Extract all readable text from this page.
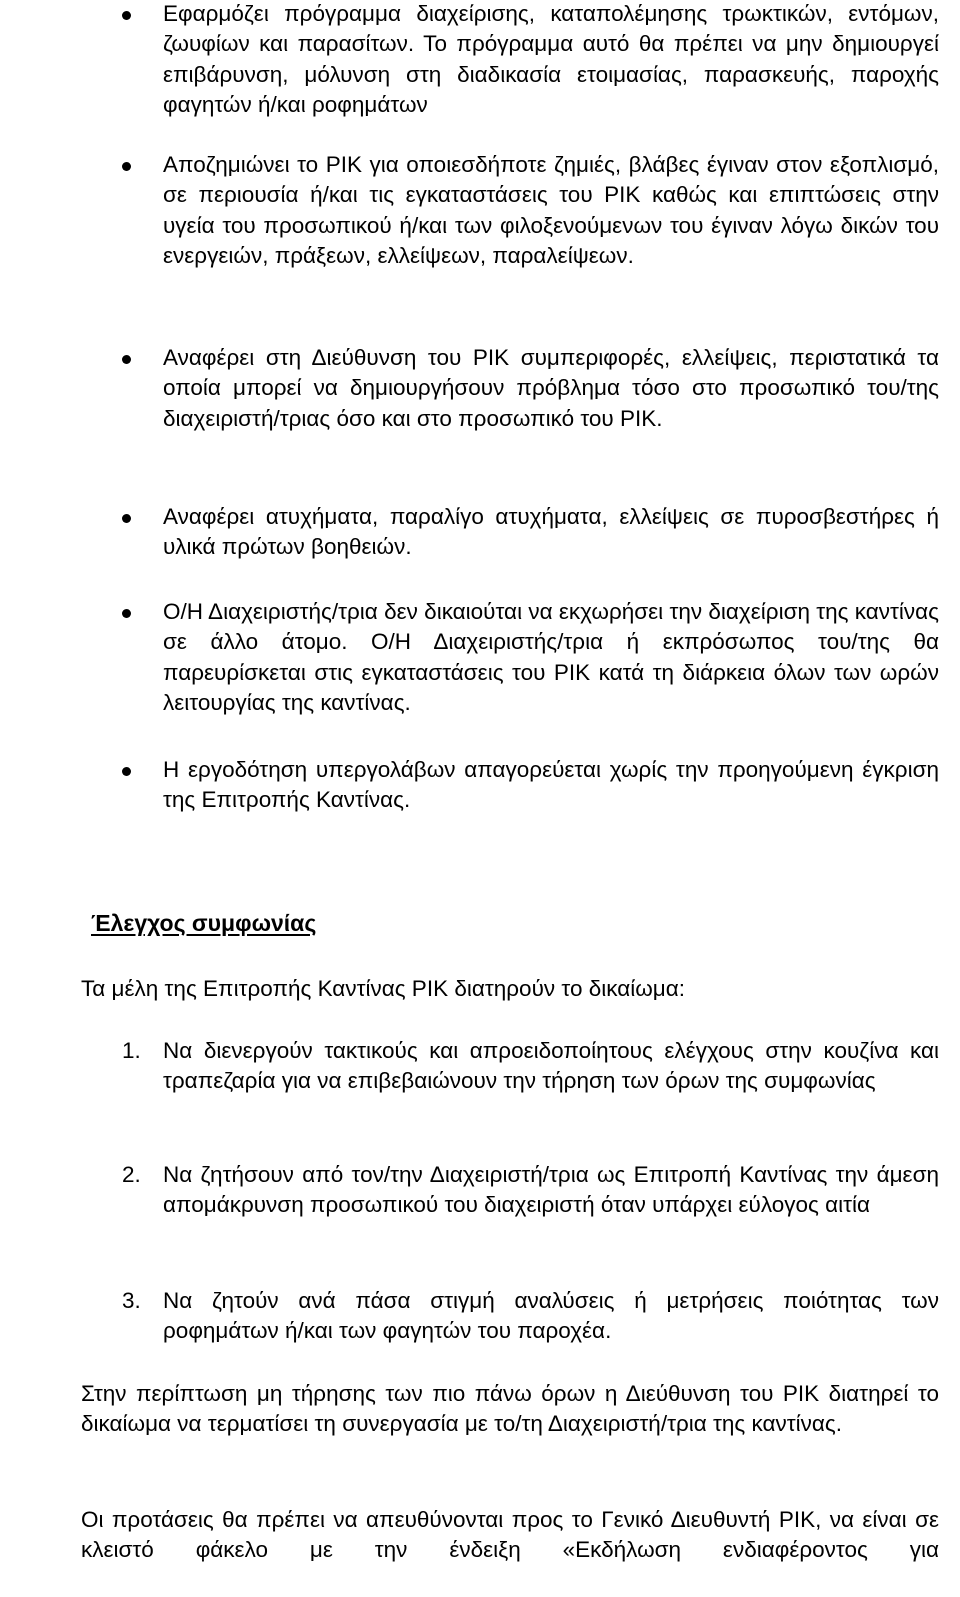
Εφαρμόζει πρόγραμμα διαχείρισης, καταπολέμησης τρωκτικών, εντόμων, ζωυφίων και παρασίτων. Το πρόγραμμα αυτό θα πρέπει να μην δημιουργεί επιβάρυνση, μόλυνση στη διαδικασία ετοιμασίας, παρασκευής, παροχής φαγητών ή/και ροφημάτων
Αποζημιώνει το ΡΙΚ για οποιεσδήποτε ζημιές, βλάβες έγιναν στον εξοπλισμό, σε περιουσία ή/και τις εγκαταστάσεις του ΡΙΚ καθώς και επιπτώσεις στην υγεία του προσωπικού ή/και των φιλοξενούμενων του έγιναν λόγω δικών του ενεργειών, πράξεων, ελλείψεων, παραλείψεων.
Αναφέρει στη Διεύθυνση του ΡΙΚ συμπεριφορές, ελλείψεις, περιστατικά τα οποία μπορεί να δημιουργήσουν πρόβλημα τόσο στο προσωπικό του/της διαχειριστή/τριας όσο και στο προσωπικό του ΡΙΚ.
Αναφέρει ατυχήματα, παραλίγο ατυχήματα, ελλείψεις σε πυροσβεστήρες ή υλικά πρώτων βοηθειών.
Ο/Η Διαχειριστής/τρια δεν δικαιούται να εκχωρήσει την διαχείριση της καντίνας σε άλλο άτομο. Ο/Η Διαχειριστής/τρια ή εκπρόσωπος του/της θα παρευρίσκεται στις εγκαταστάσεις του ΡΙΚ κατά τη διάρκεια όλων των ωρών λειτουργίας της καντίνας.
Η εργοδότηση υπεργολάβων απαγορεύεται χωρίς την προηγούμενη έγκριση της Επιτροπής Καντίνας.
Έλεγχος συμφωνίας
Τα μέλη της Επιτροπής Καντίνας ΡΙΚ διατηρούν το δικαίωμα:
1. Να διενεργούν τακτικούς και απροειδοποίητους ελέγχους στην κουζίνα και τραπεζαρία για να επιβεβαιώνουν την τήρηση των όρων της συμφωνίας
2. Να ζητήσουν από τον/την Διαχειριστή/τρια ως Επιτροπή Καντίνας την άμεση απομάκρυνση προσωπικού του διαχειριστή όταν υπάρχει εύλογος αιτία
3. Να ζητούν ανά πάσα στιγμή αναλύσεις ή μετρήσεις ποιότητας των ροφημάτων ή/και των φαγητών του παροχέα.

Στην περίπτωση μη τήρησης των πιο πάνω όρων η Διεύθυνση του ΡΙΚ διατηρεί το δικαίωμα να τερματίσει τη συνεργασία με το/τη Διαχειριστή/τρια της καντίνας.

Οι προτάσεις θα πρέπει να απευθύνονται προς το Γενικό Διευθυντή ΡΙΚ, να είναι σε κλειστό φάκελο με την ένδειξη «Εκδήλωση ενδιαφέροντος για
